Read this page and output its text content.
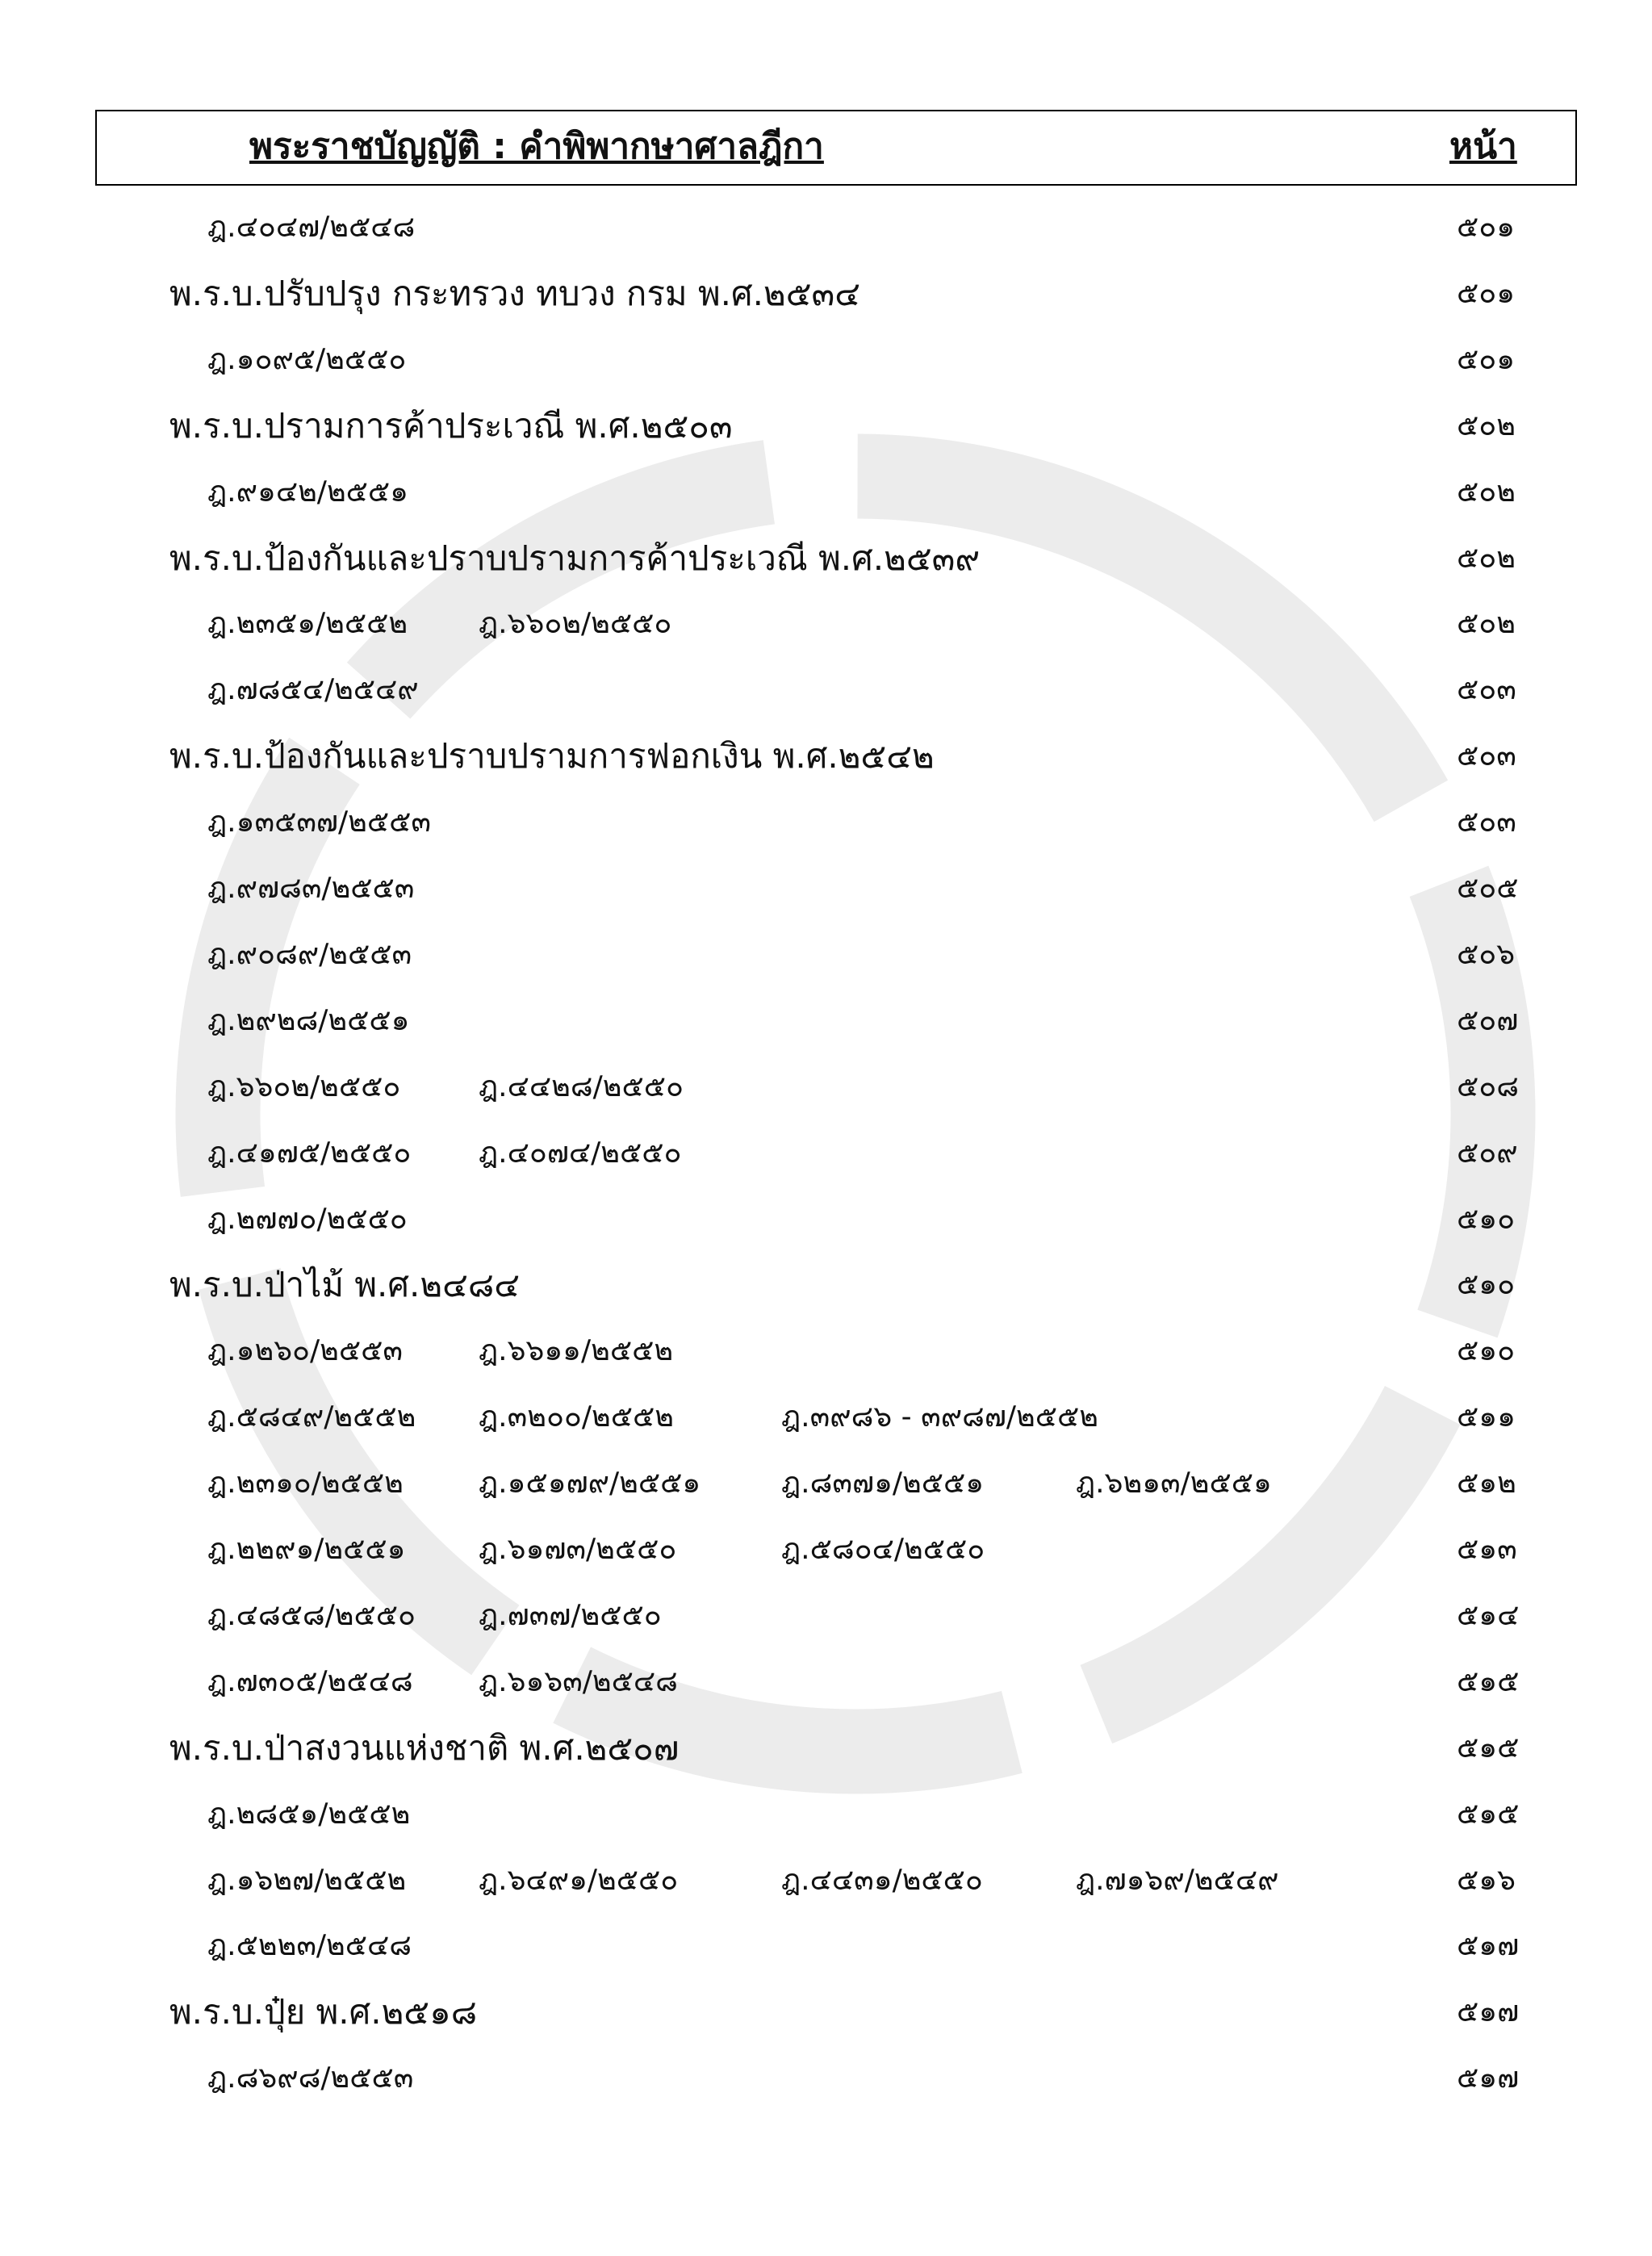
พระราชบัญญัติ : คำพิพากษาศาลฎีกา	หน้า
ฎ.๔๐๔๗/๒๕๔๘	๕๐๑
พ.ร.บ.ปรับปรุง กระทรวง ทบวง กรม พ.ศ.๒๕๓๔	๕๐๑
ฎ.๑๐๙๕/๒๕๕๐	๕๐๑
พ.ร.บ.ปรามการค้าประเวณี พ.ศ.๒๕๐๓	๕๐๒
ฎ.๙๑๔๒/๒๕๕๑	๕๐๒
พ.ร.บ.ป้องกันและปราบปรามการค้าประเวณี พ.ศ.๒๕๓๙	๕๐๒
ฎ.๒๓๕๑/๒๕๕๒ ฎ.๖๖๐๒/๒๕๕๐	๕๐๒
ฎ.๗๘๕๔/๒๕๔๙	๕๐๓
พ.ร.บ.ป้องกันและปราบปรามการฟอกเงิน พ.ศ.๒๕๔๒	๕๐๓
ฎ.๑๓๕๓๗/๒๕๕๓	๕๐๓
ฎ.๙๗๘๓/๒๕๕๓	๕๐๕
ฎ.๙๐๘๙/๒๕๕๓	๕๐๖
ฎ.๒๙๒๘/๒๕๕๑	๕๐๗
ฎ.๖๖๐๒/๒๕๕๐	ฎ.๔๔๒๘/๒๕๕๐	๕๐๘
ฎ.๔๑๗๕/๒๕๕๐ ฎ.๔๐๗๔/๒๕๕๐	๕๐๙
ฎ.๒๗๗๐/๒๕๕๐	๕๑๐
พ.ร.บ.ป่าไม้ พ.ศ.๒๔๘๔	๕๑๐
ฎ.๑๒๖๐/๒๕๕๓	ฎ.๖๖๑๑/๒๕๕๒	๕๑๐
ฎ.๕๘๔๙/๒๕๕๒ ฎ.๓๒๐๐/๒๕๕๒	ฎ.๓๙๘๖ - ๓๙๘๗/๒๕๕๒	๕๑๑
ฎ.๒๓๑๐/๒๕๕๒	ฎ.๑๕๑๗๙/๒๕๕๑	ฎ.๘๓๗๑/๒๕๕๑	ฎ.๖๒๑๓/๒๕๕๑	๕๑๒
ฎ.๒๒๙๑/๒๕๕๑	ฎ.๖๑๗๓/๒๕๕๐	ฎ.๕๘๐๔/๒๕๕๐	๕๑๓
ฎ.๔๘๕๘/๒๕๕๐ ฎ.๗๓๗/๒๕๕๐	๕๑๔
ฎ.๗๓๐๕/๒๕๔๘ ฎ.๖๑๖๓/๒๕๔๘	๕๑๕
พ.ร.บ.ป่าสงวนแห่งชาติ พ.ศ.๒๕๐๗	๕๑๕
ฎ.๒๘๕๑/๒๕๕๒	๕๑๕
ฎ.๑๖๒๗/๒๕๕๒ ฎ.๖๔๙๑/๒๕๕๐	ฎ.๔๔๓๑/๒๕๕๐	ฎ.๗๑๖๙/๒๕๔๙	๕๑๖
ฎ.๕๒๒๓/๒๕๔๘	๕๑๗
พ.ร.บ.ปุ๋ย พ.ศ.๒๕๑๘	๕๑๗
ฎ.๘๖๙๘/๒๕๕๓	๕๑๗
